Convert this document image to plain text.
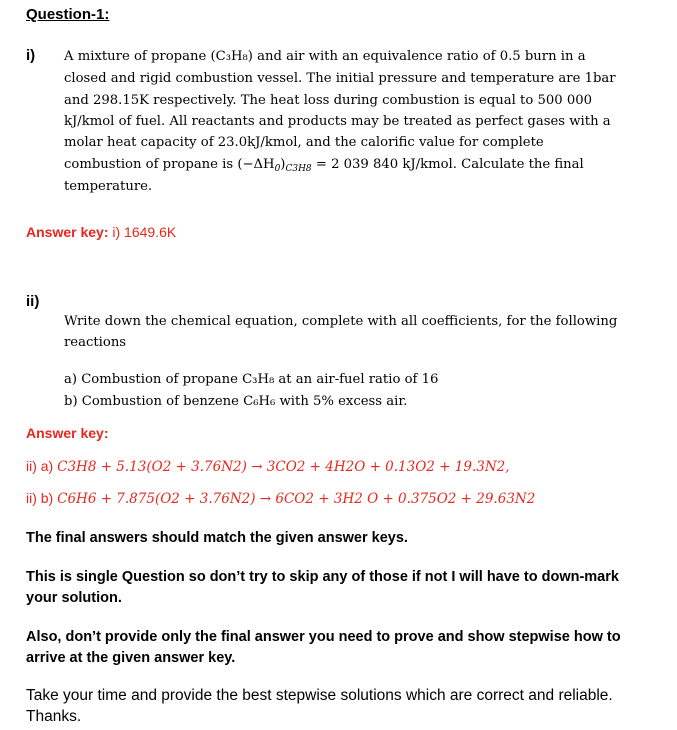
Question-1:
i) A mixture of propane (C₃H₈) and air with an equivalence ratio of 0.5 burn in a
closed and rigid combustion vessel. The initial pressure and temperature are 1bar
and 298.15K respectively. The heat loss during combustion is equal to 500 000
kJ/kmol of fuel. All reactants and products may be treated as perfect gases with a
molar heat capacity of 23.0kJ/kmol, and the calorific value for complete
combustion of propane is $(-\Delta H_0)_{C3H8} = 2$ 039 840 kJ/kmol. Calculate the final
temperature.
Answer key: i) 1649.6K
ii)
Write down the chemical equation, complete with all coefficients, for the following
reactions
a) Combustion of propane C₃H₈ at an air-fuel ratio of 16
b) Combustion of benzene C₆H₆ with 5% excess air.
Answer key:
ii) a) C3H8 + 5.13(O2 + 3.76N2) → 3CO2 + 4H2O + 0.13O2 + 19.3N2,
ii) b) C6H6 + 7.875(O2 + 3.76N2) → 6CO2 + 3H2 O + 0.375O2 + 29.63N2
The final answers should match the given answer keys.
This is single Question so don’t try to skip any of those if not I will have to down-mark your solution.
Also, don’t provide only the final answer you need to prove and show stepwise how to arrive at the given answer key.
Take your time and provide the best stepwise solutions which are correct and reliable. Thanks.
